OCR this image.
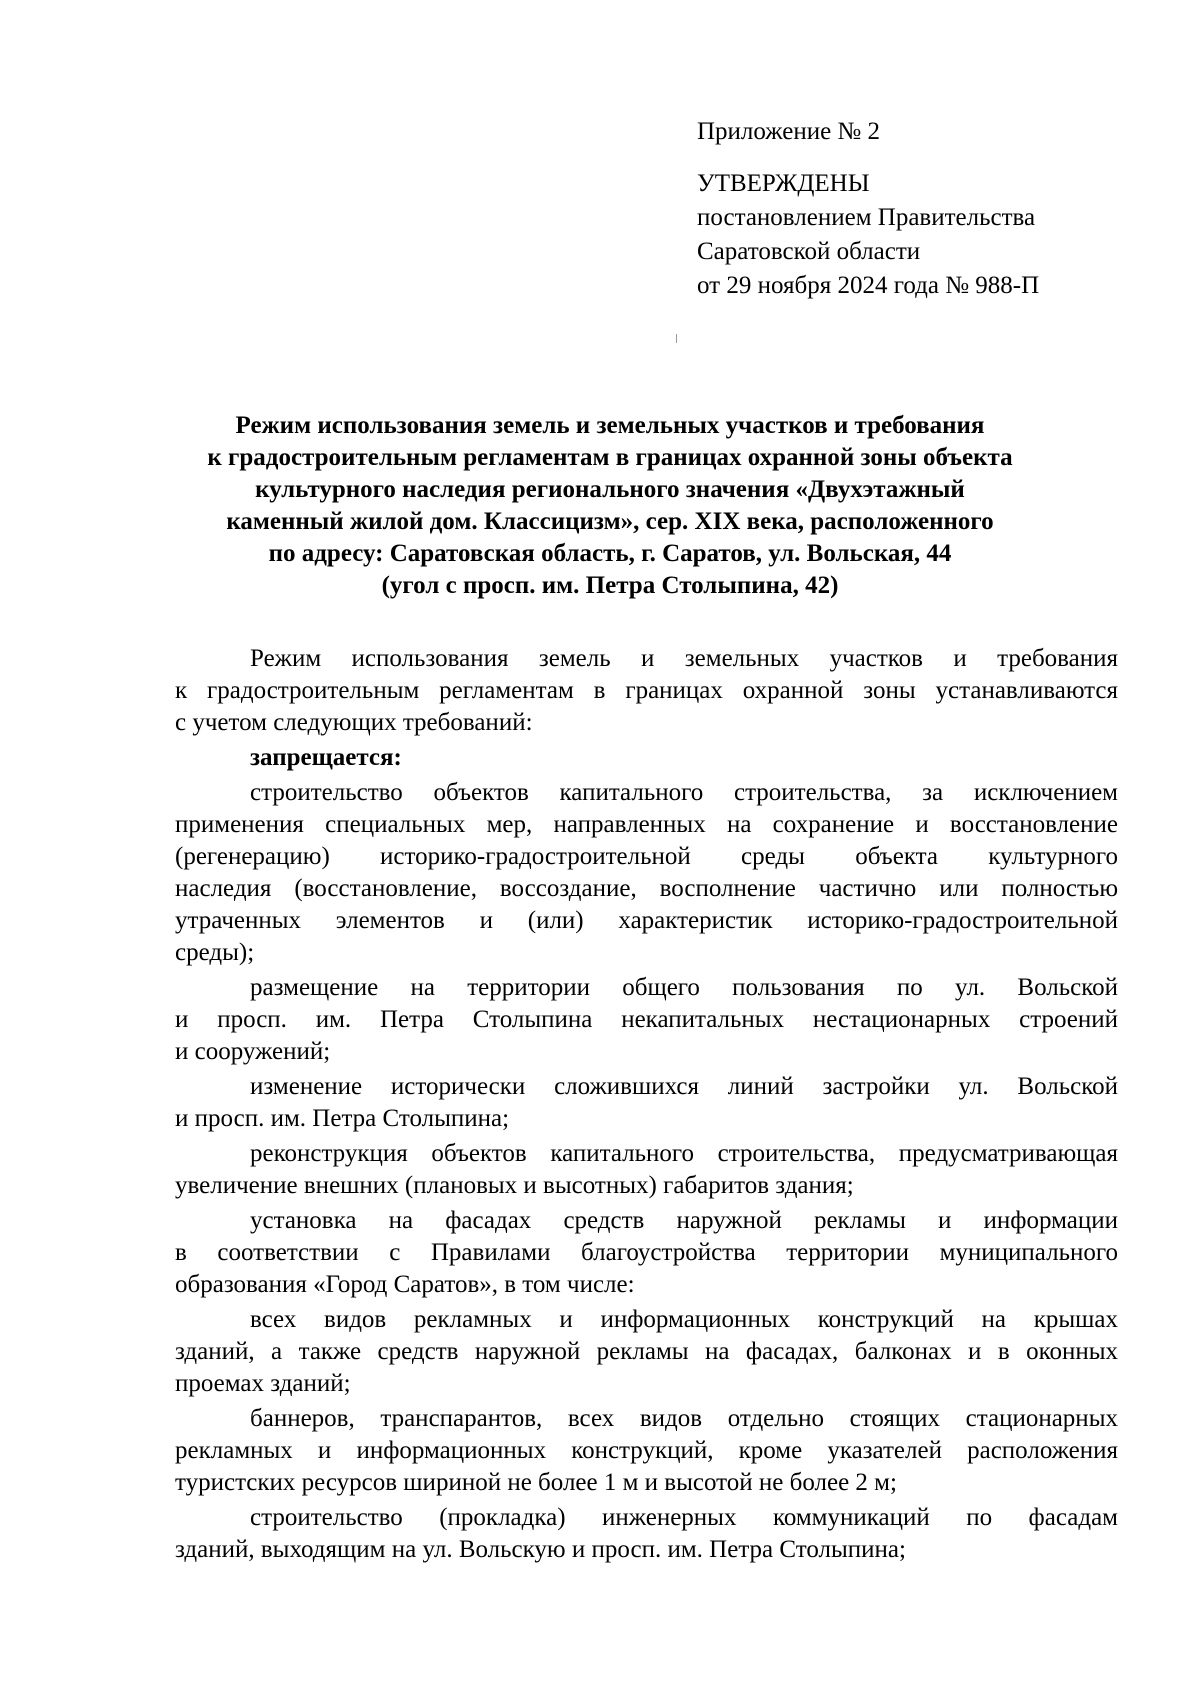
Приложение № 2

УТВЕРЖДЕНЫ

постановлением Правительства

Саратовской области

от 29 ноября 2024 года № 988-П

Режим использования земель и земельных участков и требования
к градостроительным регламентам в границах охранной зоны объекта
культурного наследия регионального значения «Двухэтажный
каменный жилой дом. Классицизм», сер. XIX века, расположенного
по адресу: Саратовская область, г. Саратов, ул. Вольская, 44
(угол с просп. им. Петра Столыпина, 42)
Режим использования земель и земельных участков и требования
к градостроительным регламентам в границах охранной зоны устанавливаются
с учетом следующих требований:
запрещается:
строительство объектов капитального строительства, за исключением
применения специальных мер, направленных на сохранение и восстановление
(регенерацию) историко-градостроительной среды объекта культурного
наследия (восстановление, воссоздание, восполнение частично или полностью
утраченных элементов и (или) характеристик историко-градостроительной
среды);
размещение на территории общего пользования по ул. Вольской
и просп. им. Петра Столыпина некапитальных нестационарных строений
и сооружений;
изменение исторически сложившихся линий застройки ул. Вольской
и просп. им. Петра Столыпина;
реконструкция объектов капитального строительства, предусматривающая
увеличение внешних (плановых и высотных) габаритов здания;
установка на фасадах средств наружной рекламы и информации
в соответствии с Правилами благоустройства территории муниципального
образования «Город Саратов», в том числе:
всех видов рекламных и информационных конструкций на крышах
зданий, а также средств наружной рекламы на фасадах, балконах и в оконных
проемах зданий;
баннеров, транспарантов, всех видов отдельно стоящих стационарных
рекламных и информационных конструкций, кроме указателей расположения
туристских ресурсов шириной не более 1 м и высотой не более 2 м;
строительство (прокладка) инженерных коммуникаций по фасадам
зданий, выходящим на ул. Вольскую и просп. им. Петра Столыпина;
